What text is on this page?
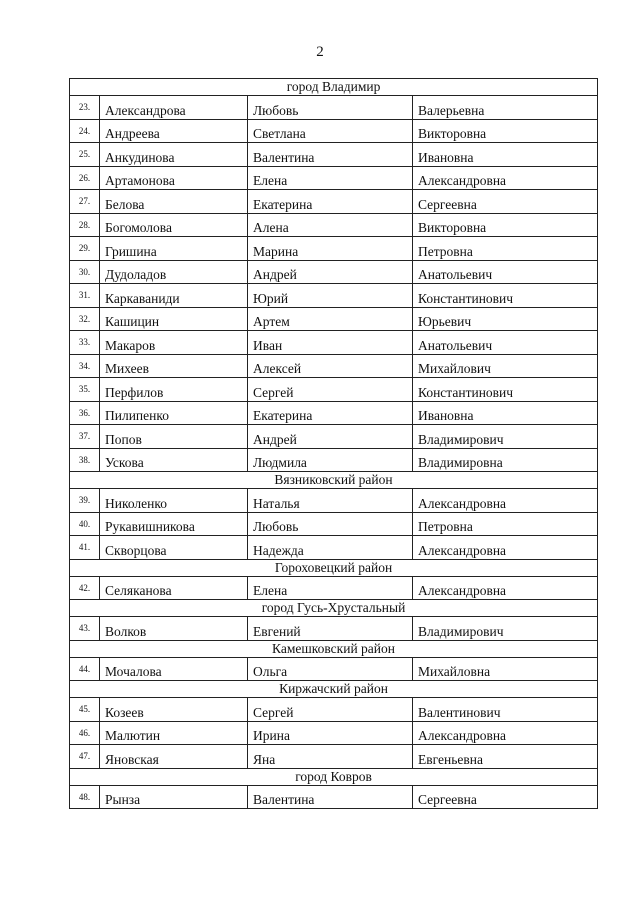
2
город Владимир			
23.	Александрова	Любовь	Валерьевна
24.	Андреева	Светлана	Викторовна
25.	Анкудинова	Валентина	Ивановна
26.	Артамонова	Елена	Александровна
27.	Белова	Екатерина	Сергеевна
28.	Богомолова	Алена	Викторовна
29.	Гришина	Марина	Петровна
30.	Дудоладов	Андрей	Анатольевич
31.	Каркаваниди	Юрий	Константинович
32.	Кашицин	Артем	Юрьевич
33.	Макаров	Иван	Анатольевич
34.	Михеев	Алексей	Михайлович
35.	Перфилов	Сергей	Константинович
36.	Пилипенко	Екатерина	Ивановна
37.	Попов	Андрей	Владимирович
38.	Ускова	Людмила	Владимировна
Вязниковский район			
39.	Николенко	Наталья	Александровна
40.	Рукавишникова	Любовь	Петровна
41.	Скворцова	Надежда	Александровна
Гороховецкий район			
42.	Селяканова	Елена	Александровна
город Гусь-Хрустальный			
43.	Волков	Евгений	Владимирович
Камешковский район			
44.	Мочалова	Ольга	Михайловна
Киржачский район			
45.	Козеев	Сергей	Валентинович
46.	Малютин	Ирина	Александровна
47.	Яновская	Яна	Евгеньевна
город Ковров			
48.	Рынза	Валентина	Сергеевна
